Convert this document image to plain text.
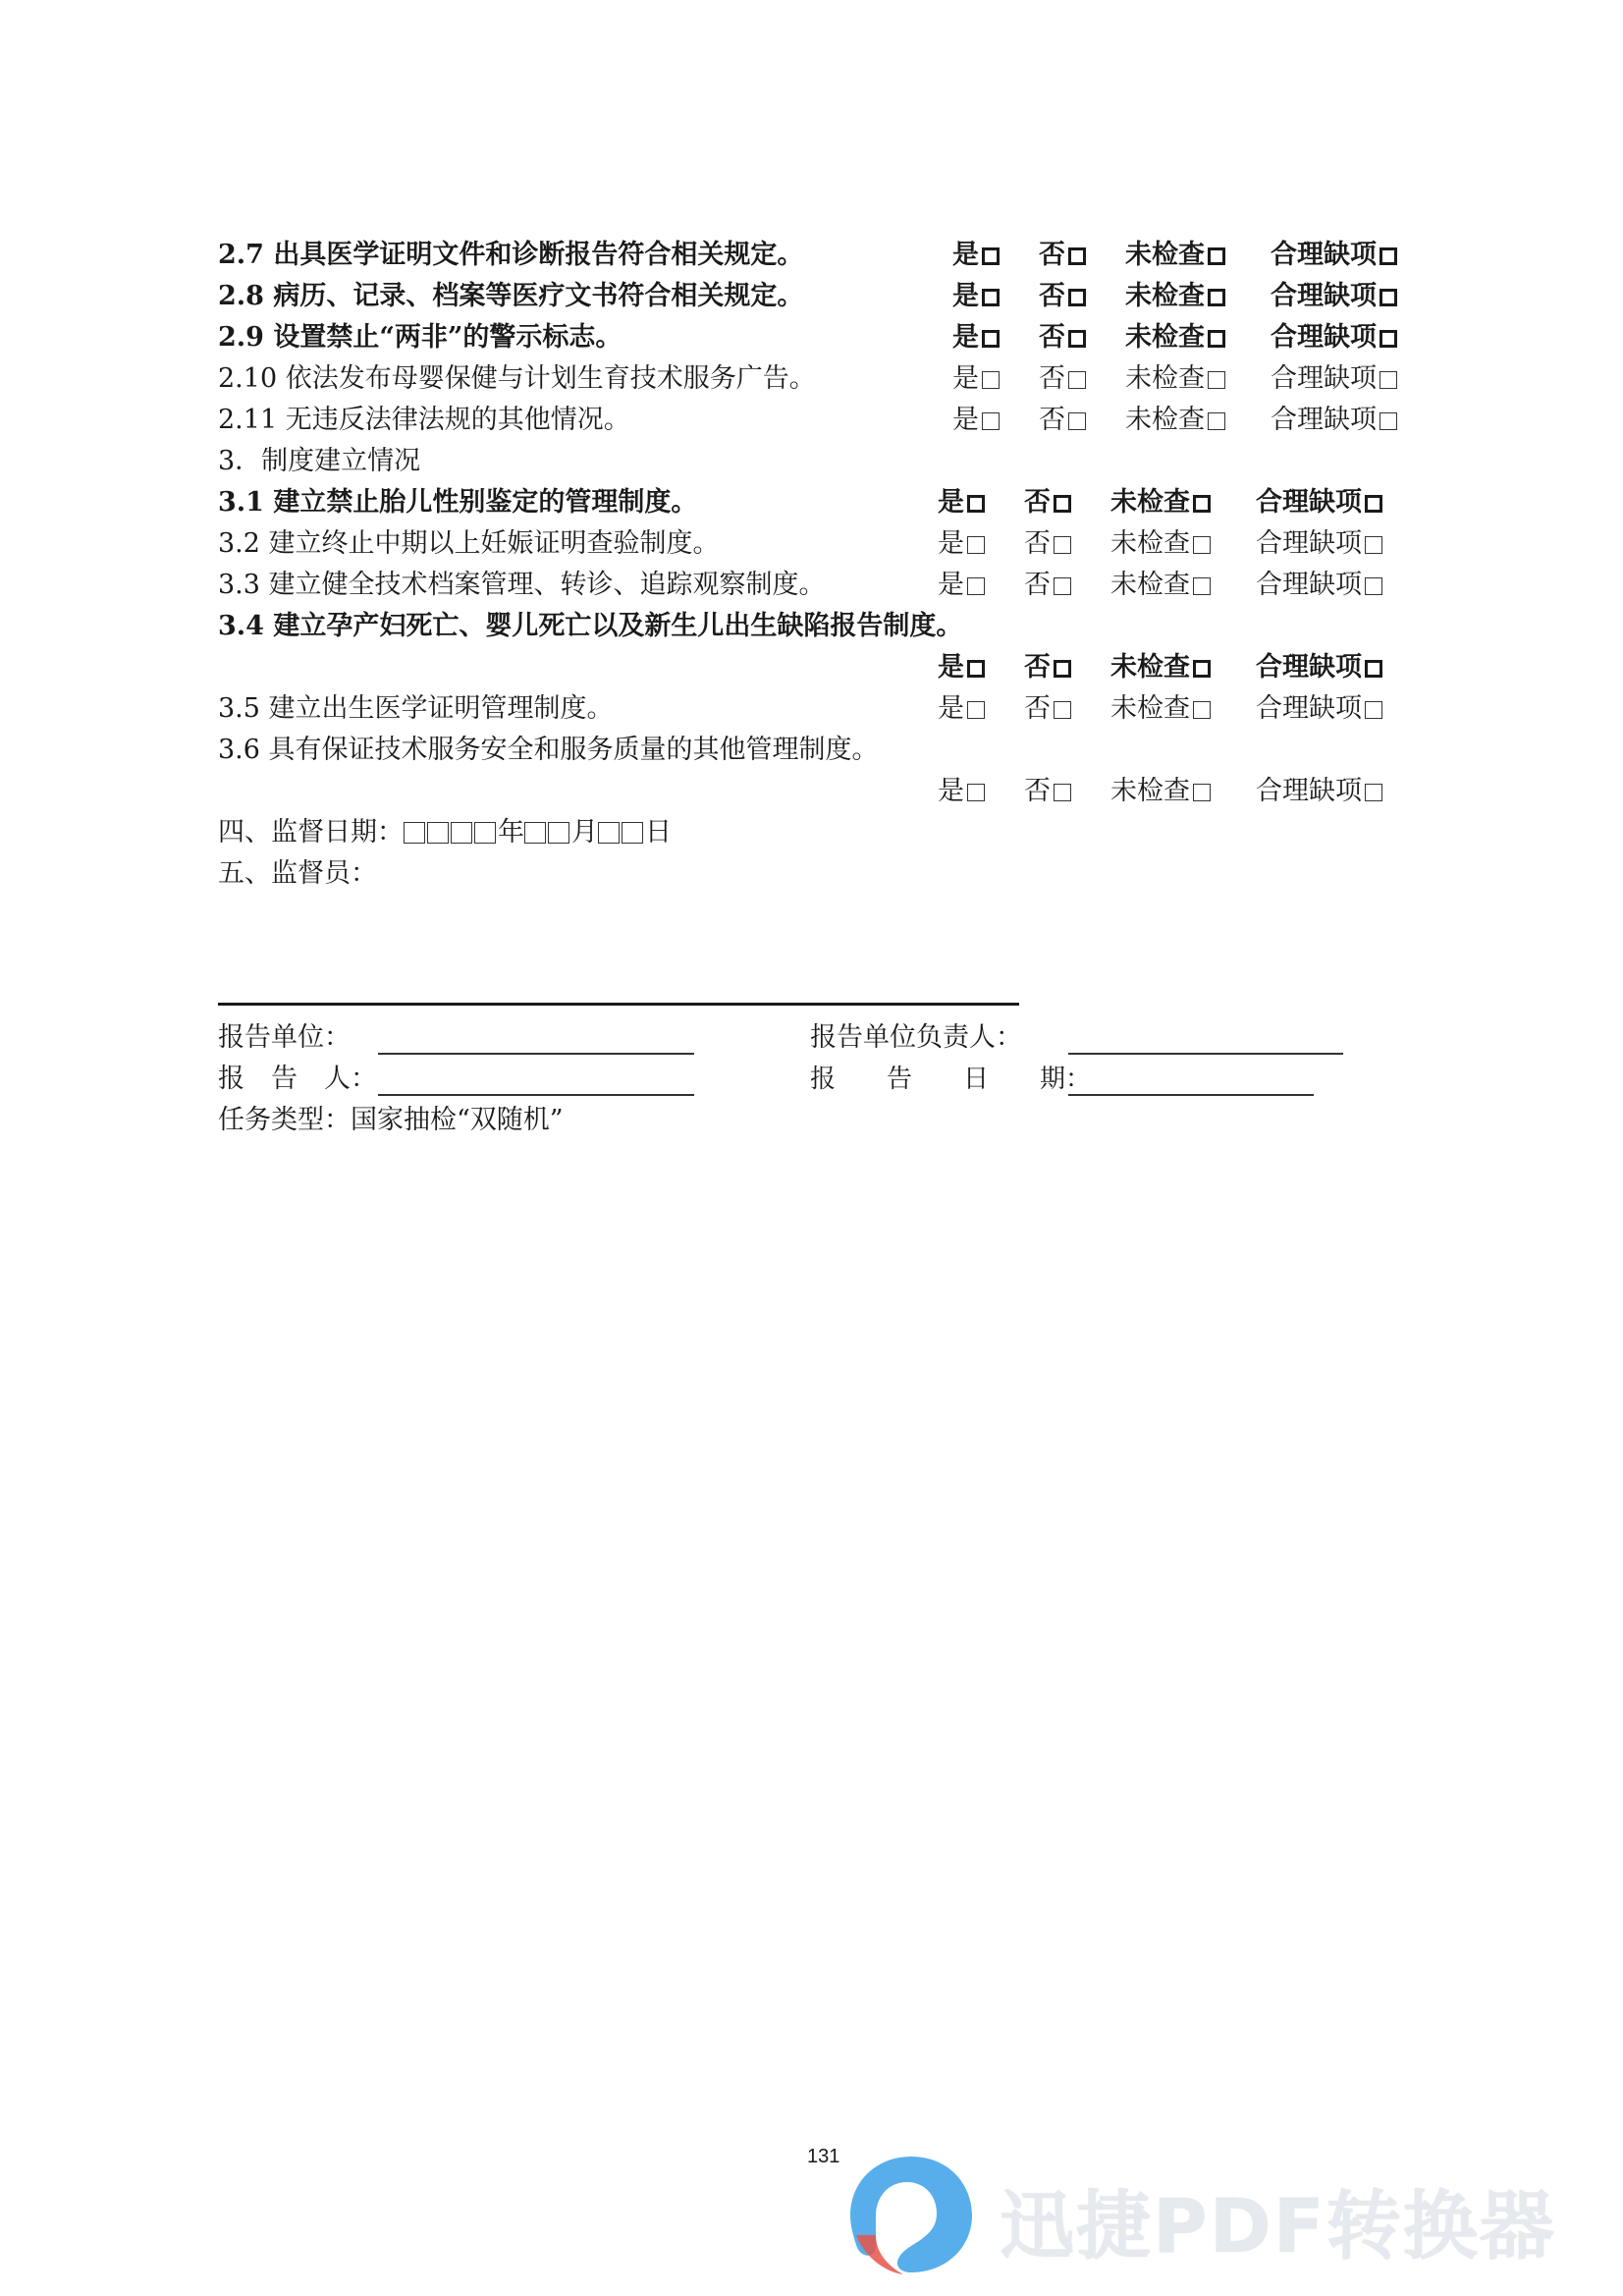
2.7 出具医学证明文件和诊断报告符合相关规定。	是	否	未检查	合理缺项
2.8 病历、记录、档案等医疗文书符合相关规定。	是	否	未检查	合理缺项
2.9 设置禁止“两非”的警示标志。	是	否	未检查	合理缺项
2.10 依法发布母婴保健与计划生育技术服务广告。	是	否	未检查	合理缺项
2.11 无违反法律法规的其他情况。	是	否	未检查	合理缺项
3．制度建立情况
3.1 建立禁止胎儿性别鉴定的管理制度。	是	否	未检查	合理缺项
3.2 建立终止中期以上妊娠证明查验制度。	是	否	未检查	合理缺项
3.3 建立健全技术档案管理、转诊、追踪观察制度。	是	否	未检查	合理缺项
3.4 建立孕产妇死亡、婴儿死亡以及新生儿出生缺陷报告制度。
是	否	未检查	合理缺项
3.5 建立出生医学证明管理制度。	是	否	未检查	合理缺项
3.6 具有保证技术服务安全和服务质量的其他管理制度。
是	否	未检查	合理缺项
四、监督日期：	年 月 日
五、监督员：
报告单位：	报告单位负责人：
报　告　人：	报　　告　　日　　期：
任务类型：国家抽检“双随机”
131
迅捷PDF转换器
